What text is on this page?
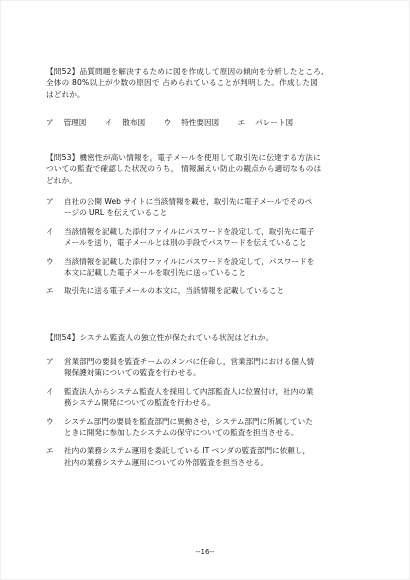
【問52】品質問題を解決するために図を作成して原因の傾向を分析したところ,
全体の 80%以上が少数の原因で 占められていることが判明した。作成した図
はどれか。
ア 管理図 イ 散布図 ウ 特性要因図 エ パレート図
【問53】機密性が高い情報を，電子メールを使用して取引先に伝達する方法に
ついての監査で確認した状況のうち， 情報漏えい防止の観点から適切なものは
どれか。
ア	自社の公開 Web サイトに当該情報を載せ，取引先に電子メールでそのペ
ージの URL を伝えていること
イ	当該情報を記載した添付ファイルにパスワードを設定して，取引先に電子
メールを送り，電子メールとは別の手段でパスワードを伝えていること
ウ	当該情報を記載した添付ファイルにパスワードを設定して，パスワードを
本文に記載した電子メールを取引先に送っていること
エ	取引先に送る電子メールの本文に，当該情報を記載していること
【問54】システム監査人の独立性が保たれている状況はどれか。
ア	営業部門の要員を監査チームのメンバに任命し，営業部門における個人情
報保護対策についての監査を行わせる。
イ	監査法人からシステム監査人を採用して内部監査人に位置付け，社内の業
務システム開発についての監査を行わせる。
ウ	システム部門の要員を監査部門に異動させ，システム部門に所属していた
ときに開発に参加したシステムの保守についての監査を担当させる。
エ	社内の業務システム運用を委託している IT ベンダの監査部門に依頼し，
社内の業務システム運用についての外部監査を担当させる。
--16--
